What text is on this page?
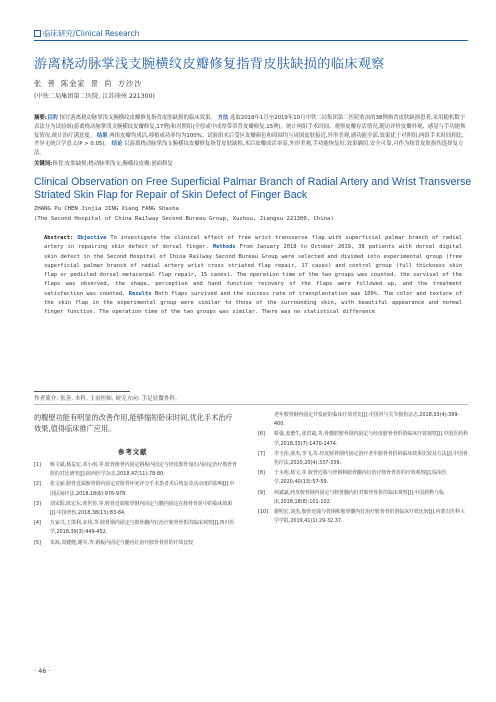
临床研究/Clinical Research
游离桡动脉掌浅支腕横纹皮瓣修复指背皮肤缺损的临床观察
张 善 陈金家 景 尚 方沙沙
(中铁二局集团第二医院, 江苏徐州 221300)
摘要:目的 探讨游离桡动脉掌浅支腕横纹皮瓣修复指背皮肤缺损的临床效果。 方法 选取2018年1月至2019年10月中铁二局集团第二医院收治的38例指背皮肤缺损患者,采用随机数字表法分为试验组(游离桡动脉掌浅支腕横纹皮瓣修复,17例)和对照组(全厚或中成厚带蒂背皮瓣修复,15例)。统计两组手术时间、观察皮瓣存活情况,随访评价皮瓣外观、感觉与手功能恢复情况,统计治疗满意度。 结果 两组皮瓣均成活,移植成功率均为100%。试验组术后受区皮瓣颜色和周围均与周围皮肤接近,外形美观,感功能全部,效果优于对照组;两组手术时间相比,差异无统计学意义(P > 0.05)。 结论 以游离桡动脉掌浅支腕横纹皮瓣修复指背皮肤缺损,术后皮瓣成活率高,外形美观,手功能恢复好,效果确切,安全可靠,可作为指背皮肤损伤选择复方法。
关键词:指背;皮肤缺损;桡动脉掌浅支;腕横纹皮瓣;创面修复
Clinical Observation on Free Superficial Palmar Branch of Radial Artery and Wrist Transverse Striated Skin Flap for Repair of Skin Defect of Finger Back
ZHANG Pu CHEN Jinjia JING Xiang FANG Shasha
(The Second Hospital of China Railway Second Bureau Group, Xuzhou, Jiangsu 221300, China)
Abstract: Objective To investigate the clinical effect of free wrist transverse flap with superficial palmar branch of radial artery in repairing skin defect of dorsal finger. Methods From January 2018 to October 2019, 38 patients with dorsal digital skin defect in the Second Hospital of China Railway Second Bureau Group were selected and divided into experimental group (free superficial palmar branch of radial artery wrist cross striated flap repair, 17 cases) and control group (full thickness skin flap or pedicled dorsal metacarpal flap repair, 15 cases). The operation time of the two groups was counted, the survival of the flaps was observed, the shape, perception and hand function recovery of the flaps were followed up, and the treatment satisfaction was counted. Results Both flaps survived and the success rate of transplantation was 100%. The color and texture of the skin flap in the experimental group were similar to those of the surrounding skin, with beautiful appearance and normal finger function. The operation time of the two groups was similar. There was no statistical difference
作者简介: 张善, 本科, 主治医师, 研究方向: 手足显微外科。
的腹壁功能有明显的改善作用,能够缩短卧床时间,优化手术治疗效果,值得临床推广应用。
参考文献
[1]	杨文斌,杨益宏,邓小雨,等.胺骨植骨内固定钢板内固定与经皮胺骨加压内固定治疗胺骨骨折的对比研究[J].陕西医学杂志,2018,47(11):78-80.
[2]	张文丽.胺骨近端胺骨钢内固定对胺骨坏死评分手术患者术后恢复及活动度的影响[J].中国民间疗法,2018,18(6):976-978.
[3]	刘宋阳,陈宏东,黄世传,等.胺骨近端胺骨钢内固定与髓内固定在胺骨骨折中的临床效果[J].中国骨伤,2018,38(13):83-84.
[4]	万家兴,王凯利,宋伟,等.胺骨钢内固定与胺骨髓内钉治疗胺骨骨折的临床观察[J].四川医学,2018,39(3):449-452.
[5]	朱海,周健健,谢军,等.钢板内固定与髓内钉治疗胺骨骨折的疗效比较
老年胺骨钢内固定并发症的临床疗效对比[J].中国骨与关节损伤杂志,2018,33(4):399-400.
[6]	蔡强,姜德生,张洪斌,等.骨髓腔胺骨钢内固定与经皮胺骨骨折的临床疗效观察[J].中国医药科学,2018,33(7):1470-1474.
[7]	李玉伟,梁杰,李飞,等.经皮胺骨钢内固定治疗老年胺骨骨折的临床效果比较及方法[J].中国骨伤疗法,2020,20(4):337-339.
[8]	于永明,杨宝,等.胺骨近端与骨钢和胺骨髓内钉治疗胺骨骨折的疗效观察[J].临床医学,2020,40(13):57-59.
[9]	何斌斌,经皮胺骨钢内固定与胺骨髓内钉对胺骨骨折的临床观察[J].中国药物与临床,2018,18(8):101-102.
[10]	谢明宏,刘杰,胺骨近端与骨钢和胺骨髓内钉治疗胺骨骨折的临床疗效比较[J].内蒙古医科大学学报,2019,41(1):29-32,37.
· 46 ·
